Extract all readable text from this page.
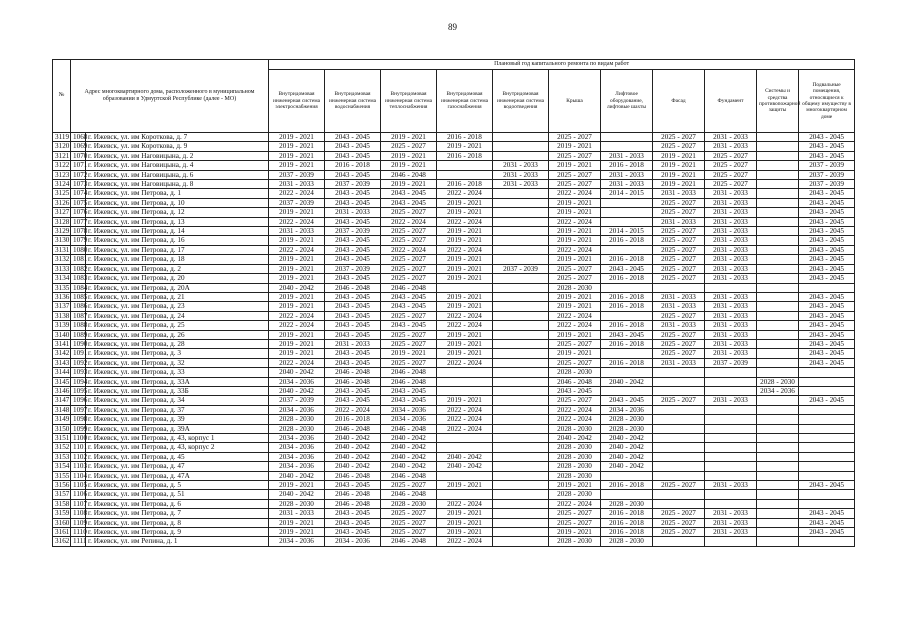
89
№	Адрес многоквартирного дома, расположенного в муниципальном образовании в Удмуртской Республике (далее - МО)		Плановый год капитального ремонта по видам работ										
			Внутридомовая инженерная система электроснабжения	Внутридомовая инженерная система водоснабжения	Внутридомовая инженерная система теплоснабжения	Внутридомовая инженерная система газоснабжения	Внутридомовая инженерная система водоотведения	Крыша	Лифтовое оборудование, лифтовые шахты	Фасад	Фундамент	Системы и средства противопожарной защиты	Подвальные помещения, относящиеся к общему имуществу в многоквартирном доме
3119	1068	г. Ижевск, ул. им Короткова, д. 7	2019 - 2021	2043 - 2045	2019 - 2021	2016 - 2018		2025 - 2027		2025 - 2027	2031 - 2033		2043 - 2045
3120	1069	г. Ижевск, ул. им Короткова, д. 9	2019 - 2021	2043 - 2045	2025 - 2027	2019 - 2021		2019 - 2021		2025 - 2027	2031 - 2033		2043 - 2045
3121	1070	г. Ижевск, ул. им Наговицына, д. 2	2019 - 2021	2043 - 2045	2019 - 2021	2016 - 2018		2025 - 2027	2031 - 2033	2019 - 2021	2025 - 2027		2043 - 2045
3122	1071	г. Ижевск, ул. им Наговицына, д. 4	2019 - 2021	2016 - 2018	2019 - 2021		2031 - 2033	2019 - 2021	2016 - 2018	2019 - 2021	2025 - 2027		2037 - 2039
3123	1072	г. Ижевск, ул. им Наговицына, д. 6	2037 - 2039	2043 - 2045	2046 - 2048		2031 - 2033	2025 - 2027	2031 - 2033	2019 - 2021	2025 - 2027		2037 - 2039
3124	1073	г. Ижевск, ул. им Наговицына, д. 8	2031 - 2033	2037 - 2039	2019 - 2021	2016 - 2018	2031 - 2033	2025 - 2027	2031 - 2033	2019 - 2021	2025 - 2027		2037 - 2039
3125	1074	г. Ижевск, ул. им Петрова, д. 1	2022 - 2024	2043 - 2045	2043 - 2045	2022 - 2024		2022 - 2024	2014 - 2015	2031 - 2033	2031 - 2033		2043 - 2045
3126	1075	г. Ижевск, ул. им Петрова, д. 10	2037 - 2039	2043 - 2045	2043 - 2045	2019 - 2021		2019 - 2021		2025 - 2027	2031 - 2033		2043 - 2045
3127	1076	г. Ижевск, ул. им Петрова, д. 12	2019 - 2021	2031 - 2033	2025 - 2027	2019 - 2021		2019 - 2021		2025 - 2027	2031 - 2033		2043 - 2045
3128	1077	г. Ижевск, ул. им Петрова, д. 13	2022 - 2024	2043 - 2045	2022 - 2024	2022 - 2024		2022 - 2024		2031 - 2033	2031 - 2033		2043 - 2045
3129	1078	г. Ижевск, ул. им Петрова, д. 14	2031 - 2033	2037 - 2039	2025 - 2027	2019 - 2021		2019 - 2021	2014 - 2015	2025 - 2027	2031 - 2033		2043 - 2045
3130	1079	г. Ижевск, ул. им Петрова, д. 16	2019 - 2021	2043 - 2045	2025 - 2027	2019 - 2021		2019 - 2021	2016 - 2018	2025 - 2027	2031 - 2033		2043 - 2045
3131	1080	г. Ижевск, ул. им Петрова, д. 17	2022 - 2024	2043 - 2045	2022 - 2024	2022 - 2024		2022 - 2024		2025 - 2027	2031 - 2033		2043 - 2045
3132	1081	г. Ижевск, ул. им Петрова, д. 18	2019 - 2021	2043 - 2045	2025 - 2027	2019 - 2021		2019 - 2021	2016 - 2018	2025 - 2027	2031 - 2033		2043 - 2045
3133	1082	г. Ижевск, ул. им Петрова, д. 2	2019 - 2021	2037 - 2039	2025 - 2027	2019 - 2021	2037 - 2039	2025 - 2027	2043 - 2045	2025 - 2027	2031 - 2033		2043 - 2045
3134	1083	г. Ижевск, ул. им Петрова, д. 20	2019 - 2021	2043 - 2045	2025 - 2027	2019 - 2021		2025 - 2027	2016 - 2018	2025 - 2027	2031 - 2033		2043 - 2045
3135	1084	г. Ижевск, ул. им Петрова, д. 20А	2040 - 2042	2046 - 2048	2046 - 2048			2028 - 2030					
3136	1085	г. Ижевск, ул. им Петрова, д. 21	2019 - 2021	2043 - 2045	2043 - 2045	2019 - 2021		2019 - 2021	2016 - 2018	2031 - 2033	2031 - 2033		2043 - 2045
3137	1086	г. Ижевск, ул. им Петрова, д. 23	2019 - 2021	2043 - 2045	2043 - 2045	2019 - 2021		2019 - 2021	2016 - 2018	2031 - 2033	2031 - 2033		2043 - 2045
3138	1087	г. Ижевск, ул. им Петрова, д. 24	2022 - 2024	2043 - 2045	2025 - 2027	2022 - 2024		2022 - 2024		2025 - 2027	2031 - 2033		2043 - 2045
3139	1088	г. Ижевск, ул. им Петрова, д. 25	2022 - 2024	2043 - 2045	2043 - 2045	2022 - 2024		2022 - 2024	2016 - 2018	2031 - 2033	2031 - 2033		2043 - 2045
3140	1089	г. Ижевск, ул. им Петрова, д. 26	2019 - 2021	2043 - 2045	2025 - 2027	2019 - 2021		2019 - 2021	2043 - 2045	2025 - 2027	2031 - 2033		2043 - 2045
3141	1090	г. Ижевск, ул. им Петрова, д. 28	2019 - 2021	2031 - 2033	2025 - 2027	2019 - 2021		2025 - 2027	2016 - 2018	2025 - 2027	2031 - 2033		2043 - 2045
3142	1091	г. Ижевск, ул. им Петрова, д. 3	2019 - 2021	2043 - 2045	2019 - 2021	2019 - 2021		2019 - 2021		2025 - 2027	2031 - 2033		2043 - 2045
3143	1092	г. Ижевск, ул. им Петрова, д. 32	2022 - 2024	2043 - 2045	2025 - 2027	2022 - 2024		2025 - 2027	2016 - 2018	2031 - 2033	2037 - 2039		2043 - 2045
3144	1093	г. Ижевск, ул. им Петрова, д. 33	2040 - 2042	2046 - 2048	2046 - 2048			2028 - 2030					
3145	1094	г. Ижевск, ул. им Петрова, д. 33А	2034 - 2036	2046 - 2048	2046 - 2048			2046 - 2048	2040 - 2042			2028 - 2030	
3146	1095	г. Ижевск, ул. им Петрова, д. 33Б	2040 - 2042	2043 - 2045	2043 - 2045			2043 - 2045				2034 - 2036	
3147	1096	г. Ижевск, ул. им Петрова, д. 34	2037 - 2039	2043 - 2045	2043 - 2045	2019 - 2021		2025 - 2027	2043 - 2045	2025 - 2027	2031 - 2033		2043 - 2045
3148	1097	г. Ижевск, ул. им Петрова, д. 37	2034 - 2036	2022 - 2024	2034 - 2036	2022 - 2024		2022 - 2024	2034 - 2036				
3149	1098	г. Ижевск, ул. им Петрова, д. 39	2028 - 2030	2016 - 2018	2034 - 2036	2022 - 2024		2022 - 2024	2028 - 2030				
3150	1099	г. Ижевск, ул. им Петрова, д. 39А	2028 - 2030	2046 - 2048	2046 - 2048	2022 - 2024		2028 - 2030	2028 - 2030				
3151	1100	г. Ижевск, ул. им Петрова, д. 43, корпус 1	2034 - 2036	2040 - 2042	2040 - 2042			2040 - 2042	2040 - 2042				
3152	1101	г. Ижевск, ул. им Петрова, д. 43, корпус 2	2034 - 2036	2040 - 2042	2040 - 2042			2028 - 2030	2040 - 2042				
3153	1102	г. Ижевск, ул. им Петрова, д. 45	2034 - 2036	2040 - 2042	2040 - 2042	2040 - 2042		2028 - 2030	2040 - 2042				
3154	1103	г. Ижевск, ул. им Петрова, д. 47	2034 - 2036	2040 - 2042	2040 - 2042	2040 - 2042		2028 - 2030	2040 - 2042				
3155	1104	г. Ижевск, ул. им Петрова, д. 47А	2040 - 2042	2046 - 2048	2046 - 2048			2028 - 2030					
3156	1105	г. Ижевск, ул. им Петрова, д. 5	2019 - 2021	2043 - 2045	2025 - 2027	2019 - 2021		2019 - 2021	2016 - 2018	2025 - 2027	2031 - 2033		2043 - 2045
3157	1106	г. Ижевск, ул. им Петрова, д. 51	2040 - 2042	2046 - 2048	2046 - 2048			2028 - 2030					
3158	1107	г. Ижевск, ул. им Петрова, д. 6	2028 - 2030	2046 - 2048	2028 - 2030	2022 - 2024		2022 - 2024	2028 - 2030				
3159	1108	г. Ижевск, ул. им Петрова, д. 7	2031 - 2033	2043 - 2045	2025 - 2027	2019 - 2021		2025 - 2027	2016 - 2018	2025 - 2027	2031 - 2033		2043 - 2045
3160	1109	г. Ижевск, ул. им Петрова, д. 8	2019 - 2021	2043 - 2045	2025 - 2027	2019 - 2021		2025 - 2027	2016 - 2018	2025 - 2027	2031 - 2033		2043 - 2045
3161	1110	г. Ижевск, ул. им Петрова, д. 9	2019 - 2021	2043 - 2045	2025 - 2027	2019 - 2021		2019 - 2021	2016 - 2018	2025 - 2027	2031 - 2033		2043 - 2045
3162	1111	г. Ижевск, ул. им Репина, д. 1	2034 - 2036	2034 - 2036	2046 - 2048	2022 - 2024		2028 - 2030	2028 - 2030				
